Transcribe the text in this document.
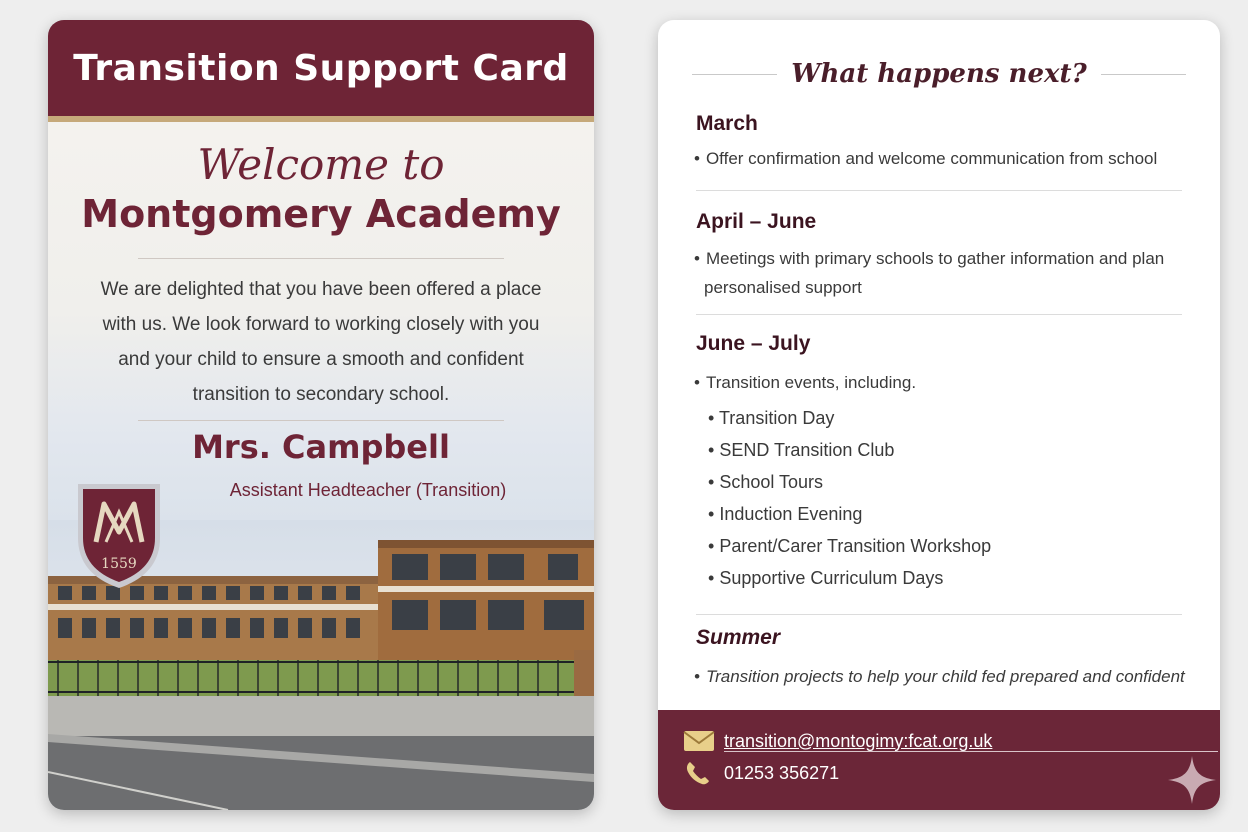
Transition Support Card
Welcome to
Montgomery Academy
We are delighted that you have been offered a place
with us. We look forward to working closely with you
and your child to ensure a smooth and confident
transition to secondary school.
Mrs. Campbell
Assistant Headteacher (Transition)
1559
What happens next?
March
• Offer confirmation and welcome communication from school
April – June
• Meetings with primary schools to gather information and plan
personalised support
June – July
• Transition events, including.
• Transition Day
• SEND Transition Club
• School Tours
• Induction Evening
• Parent/Carer Transition Workshop
• Supportive Curriculum Days
Summer
• Transition projects to help your child fed prepared and confident
transition@montogimy:fcat.org.uk
01253 356271
